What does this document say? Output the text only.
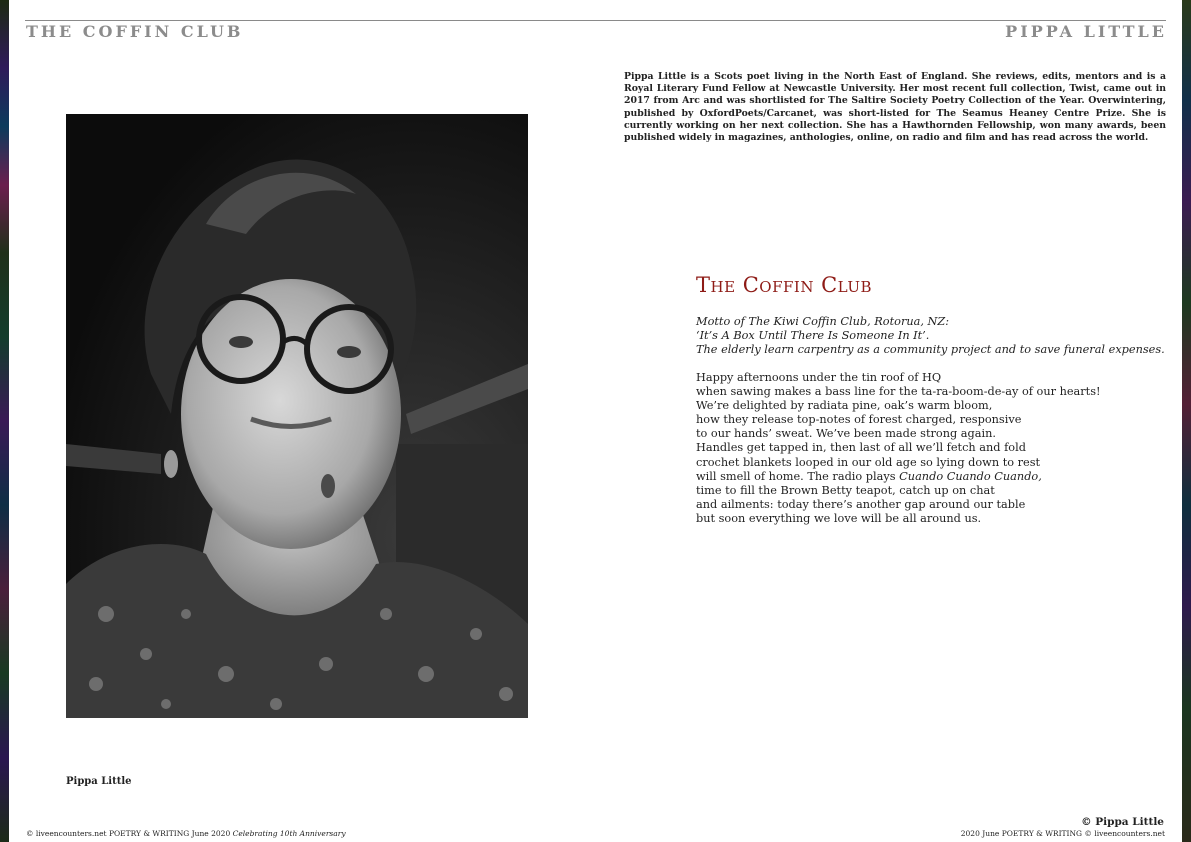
THE COFFIN CLUB	PIPPA LITTLE

Pippa Little is a Scots poet living in the North East of England. She reviews, edits, mentors and is a Royal Literary Fund Fellow at Newcastle University. Her most recent full collection, Twist, came out in 2017 from Arc and was shortlisted for The Saltire Society Poetry Collection of the Year. Overwintering, published by OxfordPoets/Carcanet, was short-listed for The Seamus Heaney Centre Prize. She is currently working on her next collection. She has a Hawthornden Fellowship, won many awards, been published widely in magazines, anthologies, online, on radio and film and has read across the world.

Pippa Little
The Coffin Club

Motto of The Kiwi Coffin Club, Rotorua, NZ:
‘It’s A Box Until There Is Someone In It’.
The elderly learn carpentry as a community project and to save funeral expenses.

Happy afternoons under the tin roof of HQ
when sawing makes a bass line for the ta-ra-boom-de-ay of our hearts!
We’re delighted by radiata pine, oak’s warm bloom,
how they release top-notes of forest charged, responsive
to our hands’ sweat. We’ve been made strong again.
Handles get tapped in, then last of all we’ll fetch and fold
crochet blankets looped in our old age so lying down to rest
will smell of home. The radio plays Cuando Cuando Cuando,
time to fill the Brown Betty teapot, catch up on chat
and ailments: today there’s another gap around our table
but soon everything we love will be all around us.

© Pippa Little
© liveencounters.net POETRY & WRITING June 2020 Celebrating 10th Anniversary	2020 June POETRY & WRITING © liveencounters.net
